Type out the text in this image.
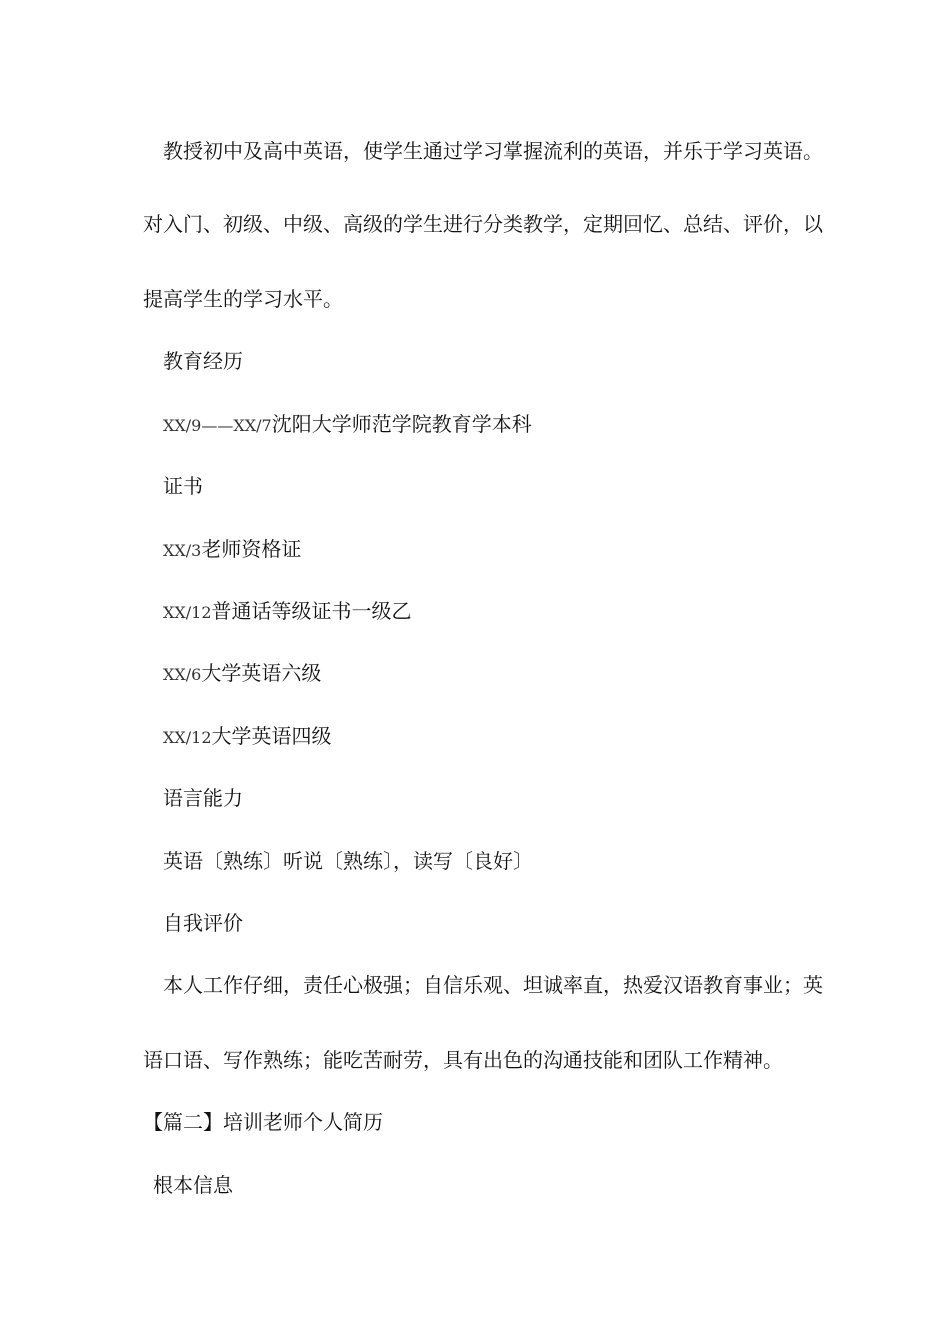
教授初中及高中英语，使学生通过学习掌握流利的英语，并乐于学习英语。
对入门、初级、中级、高级的学生进行分类教学，定期回忆、总结、评价，以
提高学生的学习水平。
教育经历
XX/9——XX/7沈阳大学师范学院教育学本科
证书
XX/3老师资格证
XX/12普通话等级证书一级乙
XX/6大学英语六级
XX/12大学英语四级
语言能力
英语〔熟练〕听说〔熟练〕，读写〔良好〕
自我评价
本人工作仔细，责任心极强；自信乐观、坦诚率直，热爱汉语教育事业；英
语口语、写作熟练；能吃苦耐劳，具有出色的沟通技能和团队工作精神。
【篇二】培训老师个人简历
根本信息
